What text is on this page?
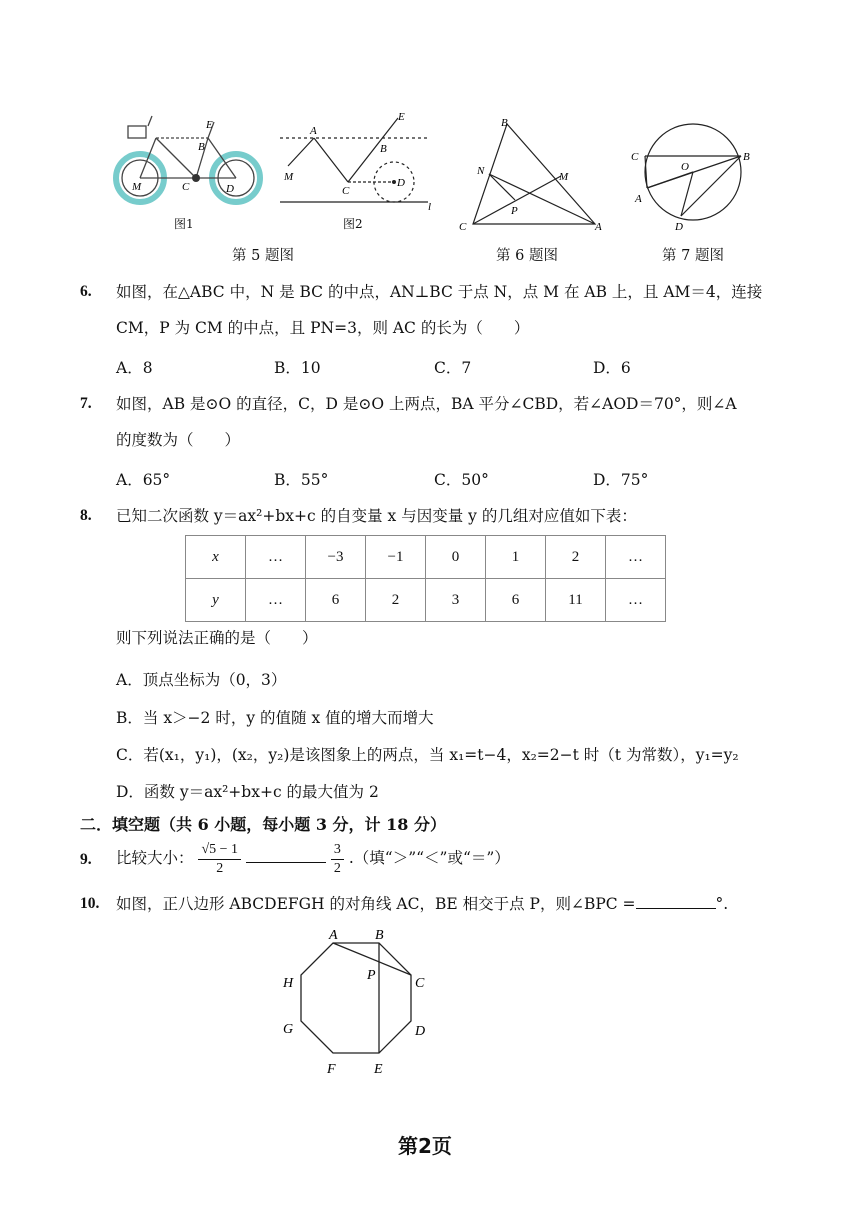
E
B
M	C	D
图1
A
E
B
M
C
D
l
图2
第 5 题图
B
N	M
P
C	A
第 6 题图
C
O
B
A
D
第 7 题图
6. 如图，在△ABC 中，N 是 BC 的中点，AN⊥BC 于点 N，点 M 在 AB 上，且 AM＝4，连接
CM，P 为 CM 的中点，且 PN=3，则 AC 的长为（　　）
A．8	B．10	C．7	D．6
7. 如图，AB 是⊙O 的直径，C，D 是⊙O 上两点，BA 平分∠CBD，若∠AOD＝70°，则∠A
的度数为（　　）
A．65°	B．55°	C．50°	D．75°
8. 已知二次函数 y＝ax²+bx+c 的自变量 x 与因变量 y 的几组对应值如下表：
x	…	−3	−1	0	1	2	…
y	…	6	2	3	6	11	…
则下列说法正确的是（　　）
A．顶点坐标为（0，3）
B．当 x＞−2 时，y 的值随 x 值的增大而增大
C．若(x₁，y₁)，(x₂，y₂)是该图象上的两点，当 x₁=t−4，x₂=2−t 时（t 为常数），y₁=y₂
D．函数 y＝ax²+bx+c 的最大值为 2
二．填空题（共 6 小题，每小题 3 分，计 18 分）
9. 比较大小： $\frac{√5 - 1}{2}$
	$\frac{3}{2}$ .（填“＞”“＜”或“＝”）
10. 如图，正八边形 ABCDEFGH 的对角线 AC，BE 相交于点 P，则∠BPC =	°.
A	B
H
P
C
G	D
F	E
第2页
